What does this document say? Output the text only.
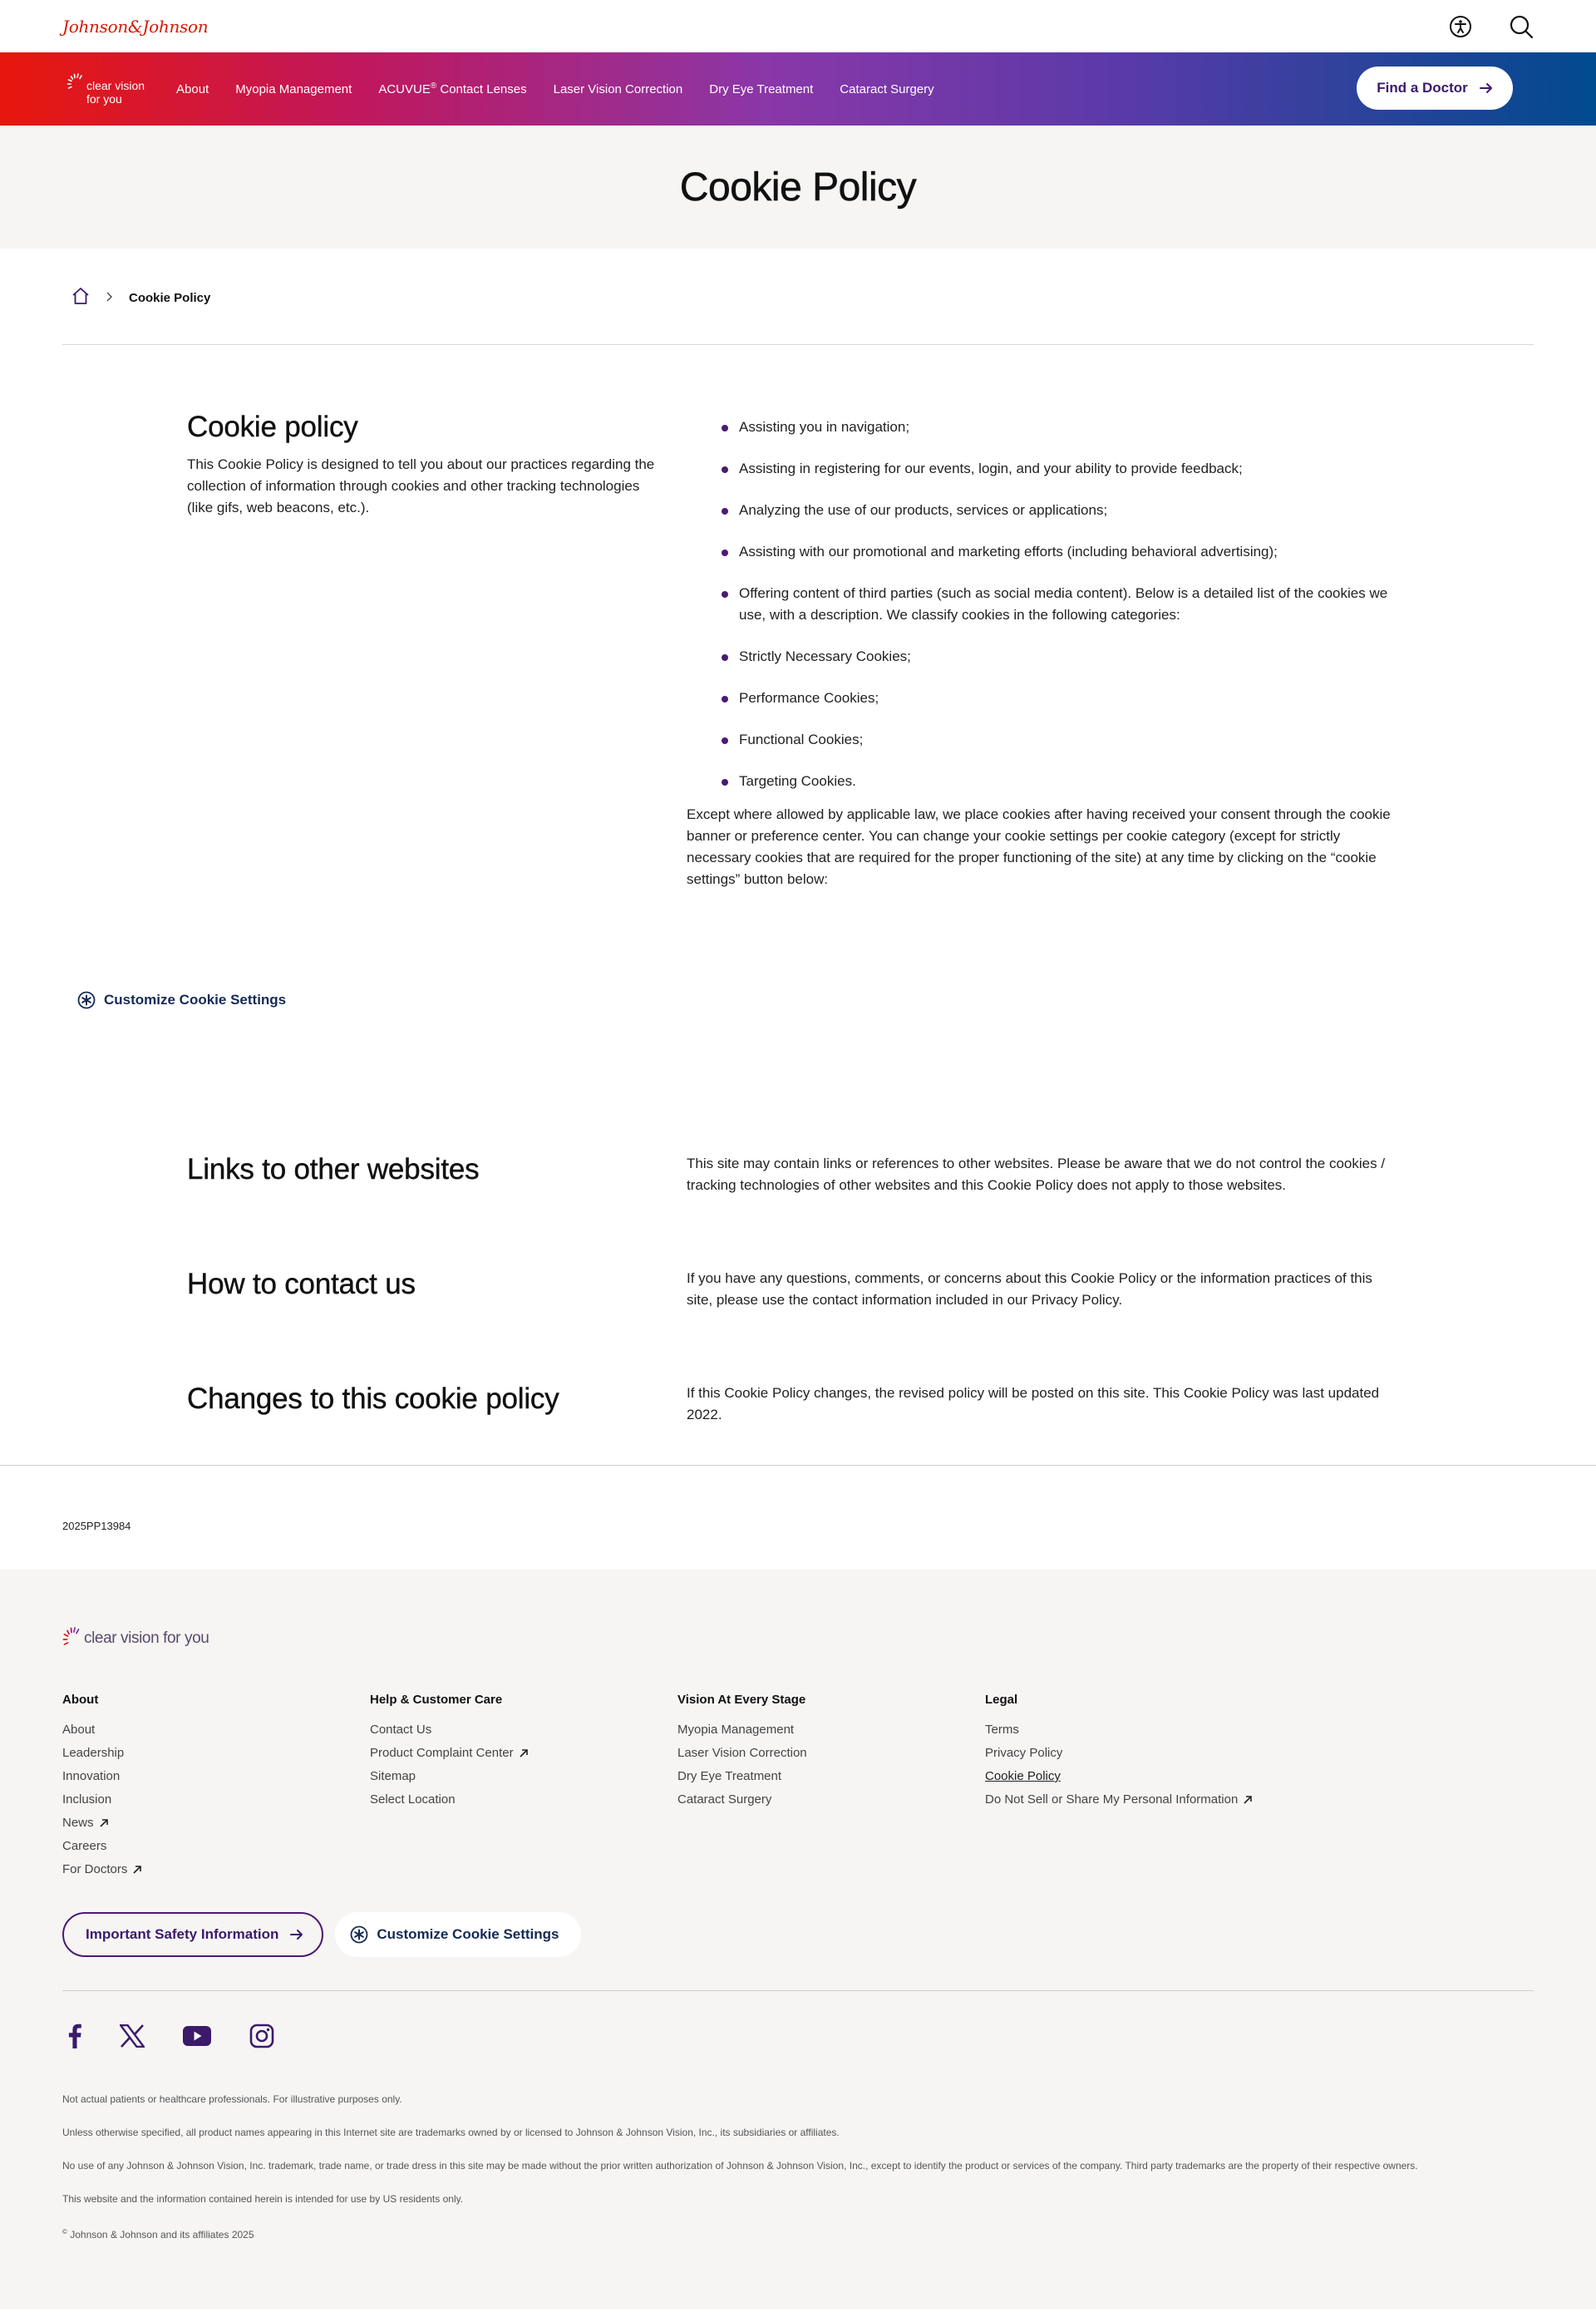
Johnson&Johnson
clear vision
for you
About Myopia Management ACUVUE® Contact Lenses Laser Vision Correction Dry Eye Treatment Cataract Surgery	Find a Doctor
Cookie Policy
Cookie Policy
Cookie policy

This Cookie Policy is designed to tell you about our practices regarding the collection of information through cookies and other tracking technologies (like gifs, web beacons, etc.).

Assisting you in navigation;
Assisting in registering for our events, login, and your ability to provide feedback;
Analyzing the use of our products, services or applications;
Assisting with our promotional and marketing efforts (including behavioral advertising);
Offering content of third parties (such as social media content). Below is a detailed list of the cookies we use, with a description. We classify cookies in the following categories:
Strictly Necessary Cookies;
Performance Cookies;
Functional Cookies;
Targeting Cookies.

Except where allowed by applicable law, we place cookies after having received your consent through the cookie banner or preference center. You can change your cookie settings per cookie category (except for strictly necessary cookies that are required for the proper functioning of the site) at any time by clicking on the “cookie settings” button below:

Customize Cookie Settings
Links to other websites	This site may contain links or references to other websites. Please be aware that we do not control the cookies / tracking technologies of other websites and this Cookie Policy does not apply to those websites.

How to contact us	If you have any questions, comments, or concerns about this Cookie Policy or the information practices of this site, please use the contact information included in our Privacy Policy.

Changes to this cookie policy	If this Cookie Policy changes, the revised policy will be posted on this site. This Cookie Policy was last updated 2022.

2025PP13984
clear vision for you
About
About
Leadership
Innovation
Inclusion
News
Careers
For Doctors
Help & Customer Care
Contact Us
Product Complaint Center
Sitemap
Select Location
Vision At Every Stage
Myopia Management
Laser Vision Correction
Dry Eye Treatment
Cataract Surgery
Legal
Terms
Privacy Policy
Cookie Policy
Do Not Sell or Share My Personal Information
Important Safety Information	Customize Cookie Settings

Not actual patients or healthcare professionals. For illustrative purposes only.

Unless otherwise specified, all product names appearing in this Internet site are trademarks owned by or licensed to Johnson & Johnson Vision, Inc., its subsidiaries or affiliates.

No use of any Johnson & Johnson Vision, Inc. trademark, trade name, or trade dress in this site may be made without the prior written authorization of Johnson & Johnson Vision, Inc., except to identify the product or services of the company. Third party trademarks are the property of their respective owners.

This website and the information contained herein is intended for use by US residents only.

© Johnson & Johnson and its affiliates 2025
